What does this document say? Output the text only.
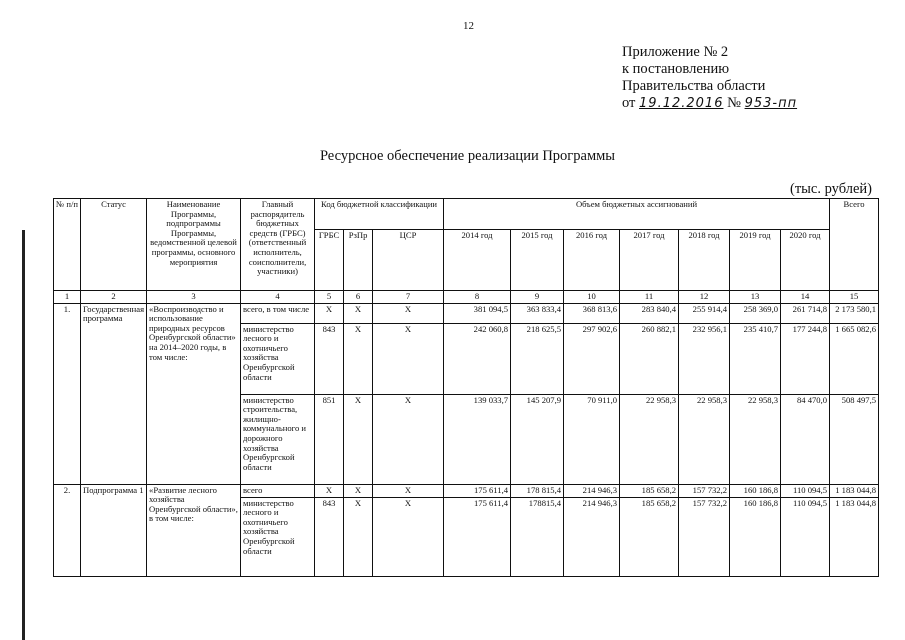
12
Приложение № 2
к постановлению
Правительства области
от 19.12.2016 № 953-пп
Ресурсное обеспечение реализации Программы
(тыс. рублей)
№ п/п	Статус	Наименование Программы, подпрограммы Программы, ведомственной целевой программы, основного мероприятия	Главный распорядитель бюджетных средств (ГРБС) (ответственный исполнитель, соисполнители, участники)	Код бюджетной классификации			Объем бюджетных ассигнований							Всего
				ГРБС	РзПр	ЦСР	2014 год	2015 год	2016 год	2017 год	2018 год	2019 год	2020 год	
1	2	3	4	5	6	7	8	9	10	11	12	13	14	15
1.	Государственная программа	«Воспроизводство и использование природных ресурсов Оренбургской области» на 2014–2020 годы, в том числе:	всего, в том числе	X	X	X	381 094,5	363 833,4	368 813,6	283 840,4	255 914,4	258 369,0	261 714,8	2 173 580,1
			министерство лесного и охотничьего хозяйства Оренбургской области	843	X	X	242 060,8	218 625,5	297 902,6	260 882,1	232 956,1	235 410,7	177 244,8	1 665 082,6
			министерство строительства, жилищно-коммунального и дорожного хозяйства Оренбургской области	851	X	X	139 033,7	145 207,9	70 911,0	22 958,3	22 958,3	22 958,3	84 470,0	508 497,5
2.	Подпрограмма 1	«Развитие лесного хозяйства Оренбургской области», в том числе:	всего	X	X	X	175 611,4	178 815,4	214 946,3	185 658,2	157 732,2	160 186,8	110 094,5	1 183 044,8
			министерство лесного и охотничьего хозяйства Оренбургской области	843	X	X	175 611,4	178815,4	214 946,3	185 658,2	157 732,2	160 186,8	110 094,5	1 183 044,8
